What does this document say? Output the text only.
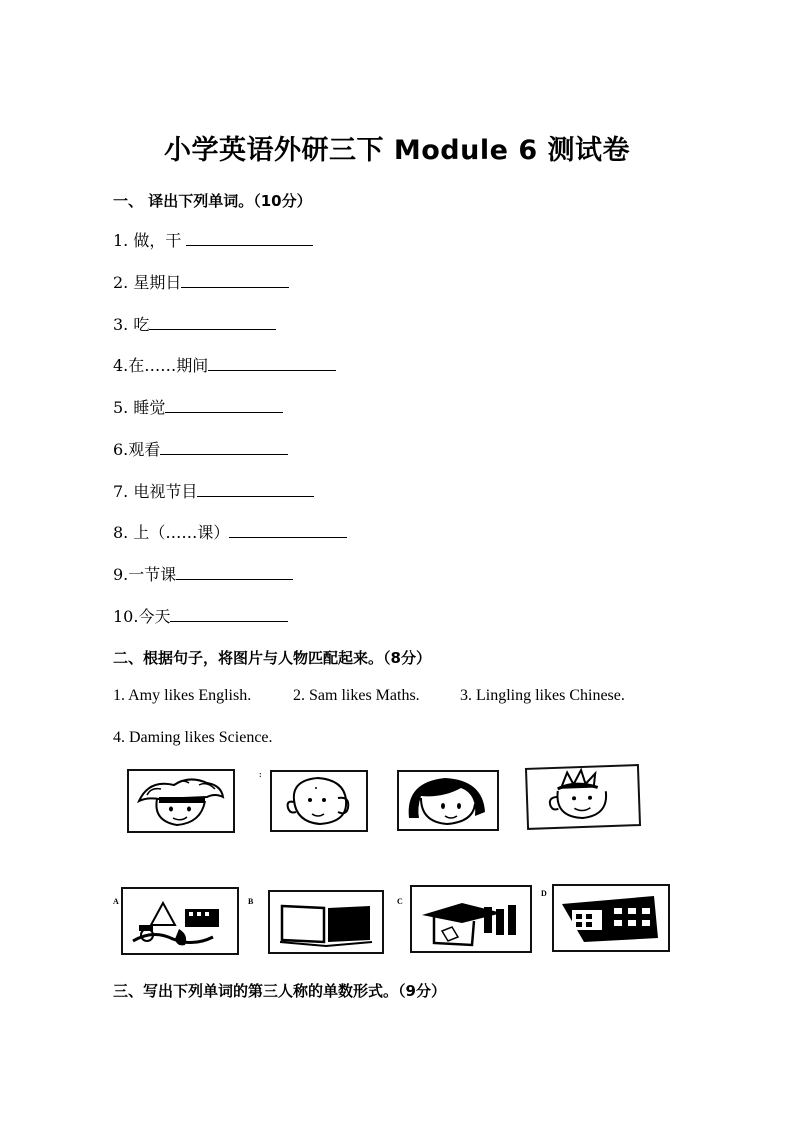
小学英语外研三下 Module 6 测试卷
一、 译出下列单词。（10分）
1. 做，干
2. 星期日
3. 吃
4.在……期间
5. 睡觉
6.观看
7. 电视节目
8. 上（……课）
9.一节课
10.今天
二、根据句子，将图片与人物匹配起来。（8分）
1. Amy likes English.	2. Sam likes Maths.	3. Lingling likes Chinese.
4. Daming likes Science.
:
A	B	C
D
三、写出下列单词的第三人称的单数形式。（9分）
